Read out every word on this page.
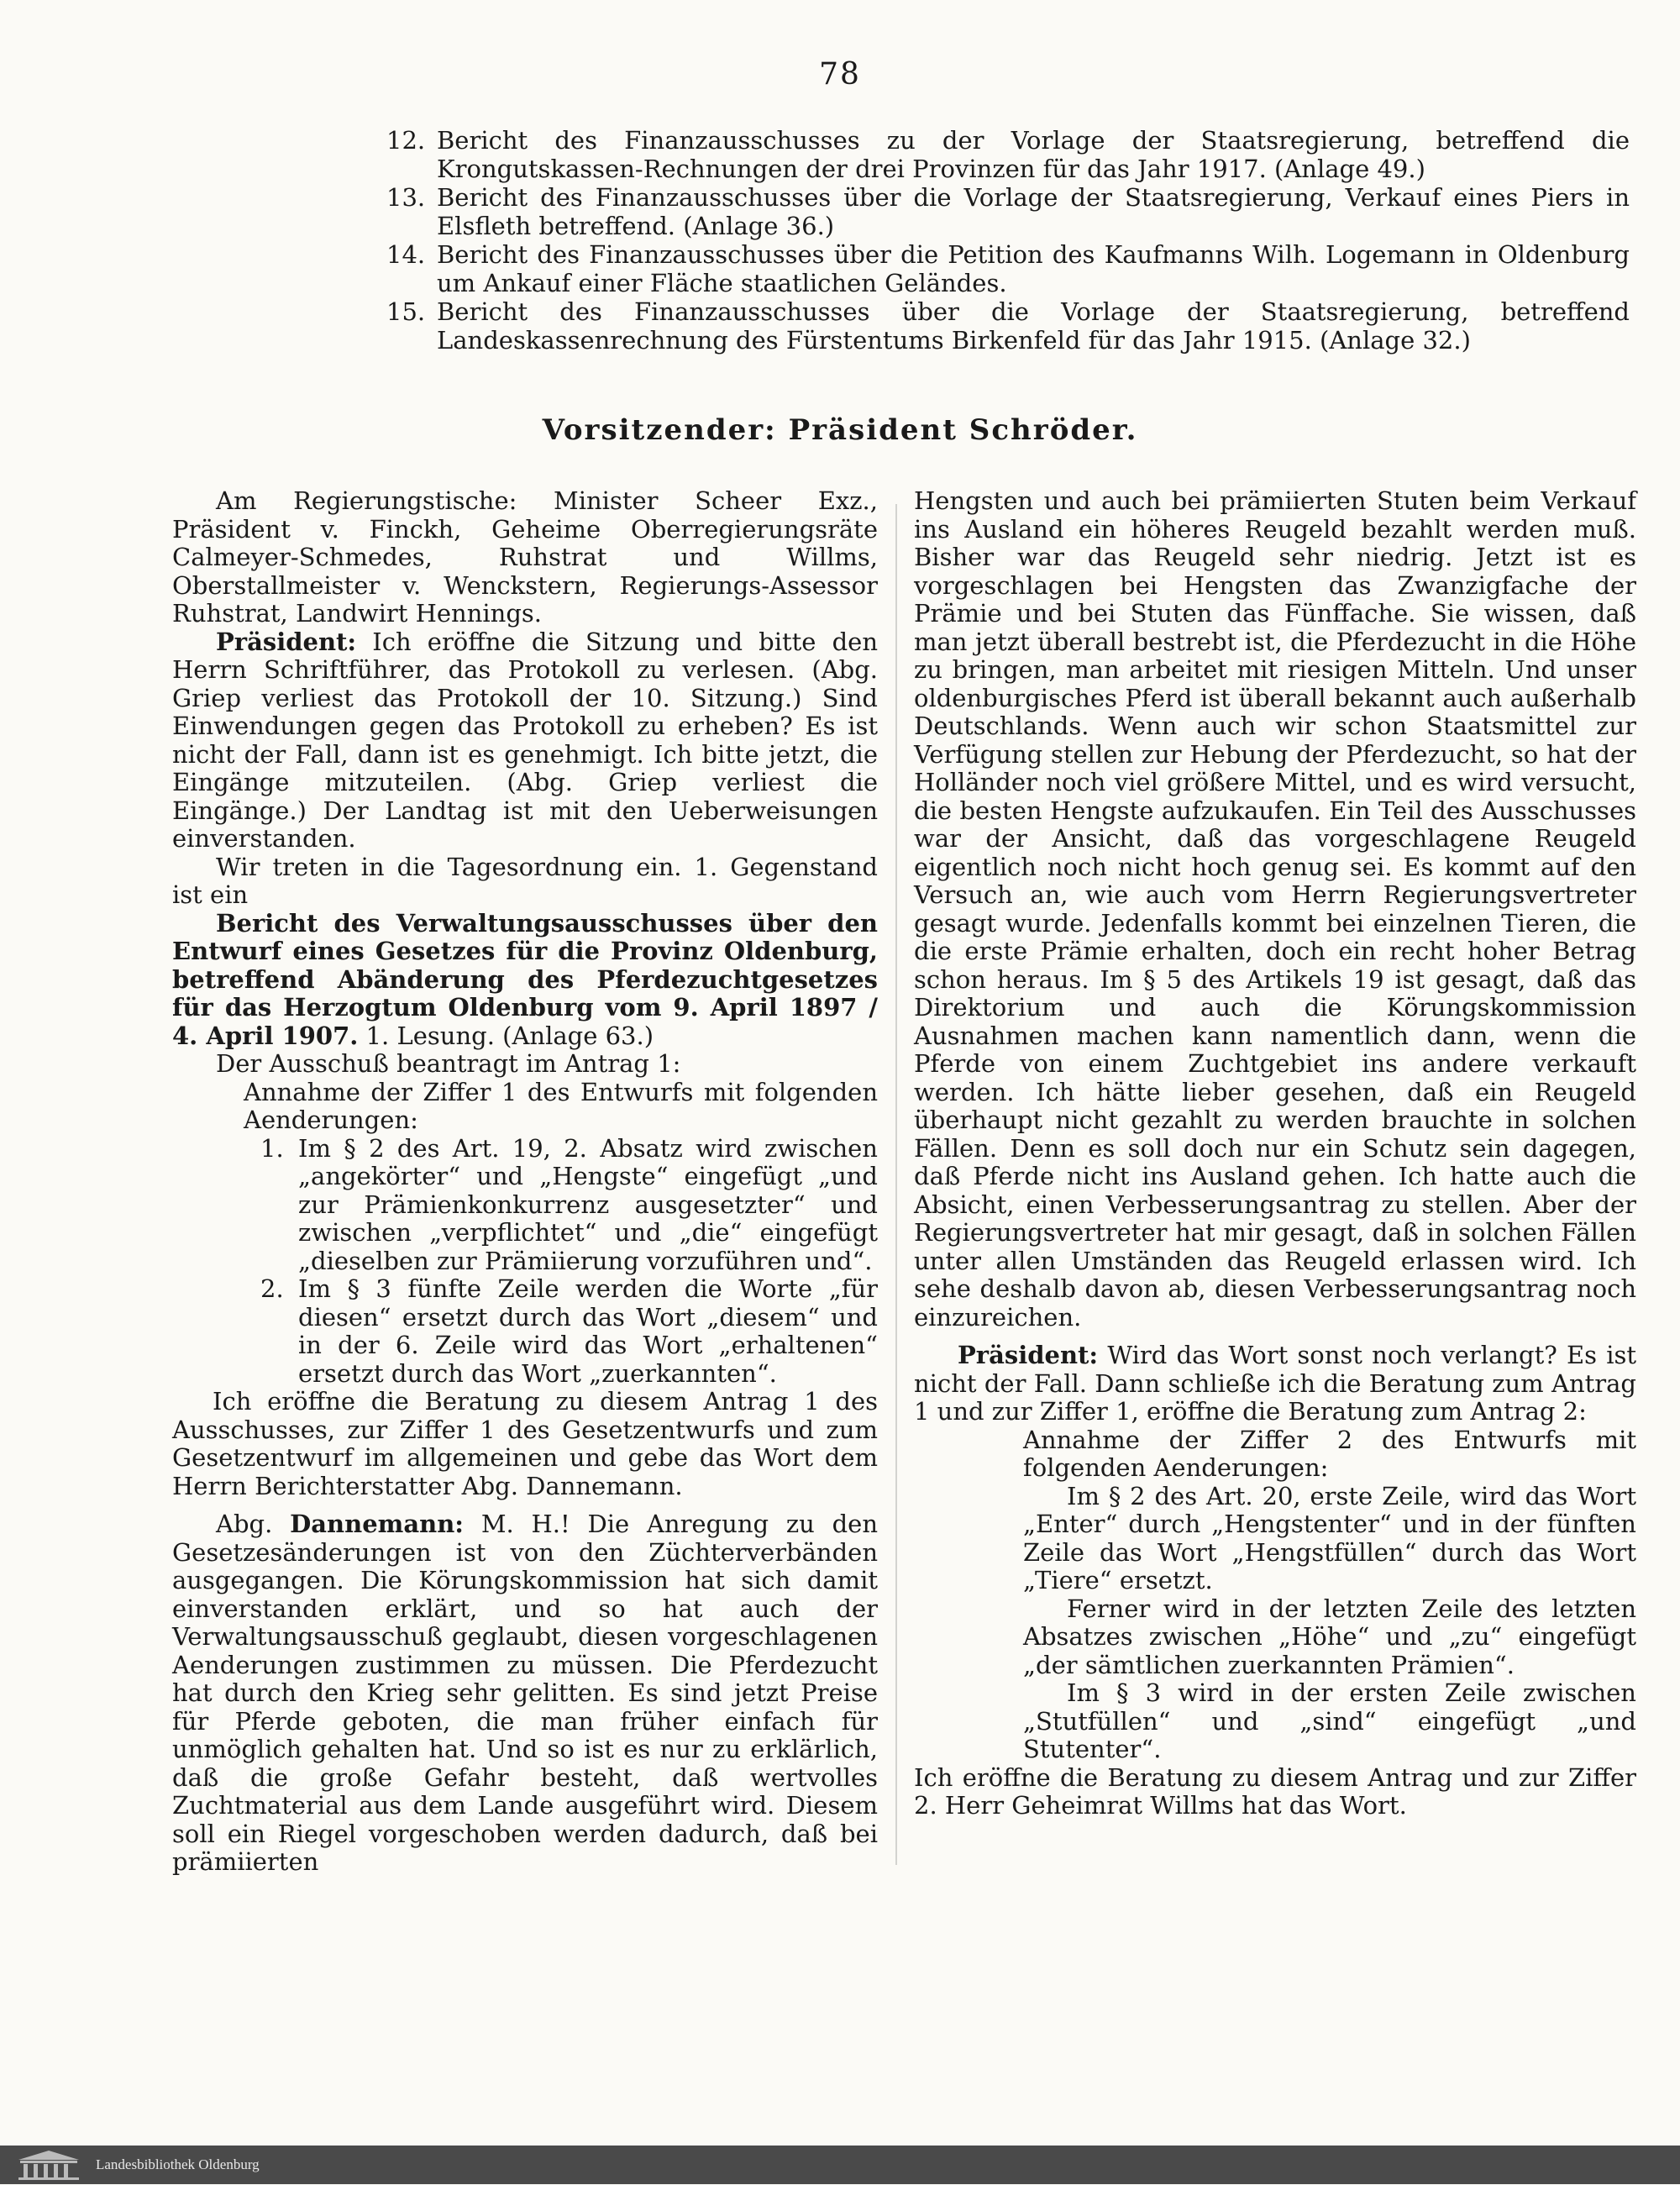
78
12. Bericht des Finanzausschusses zu der Vorlage der Staatsregierung, betreffend die Krongutskassen-Rechnungen der drei Provinzen für das Jahr 1917. (Anlage 49.)
13. Bericht des Finanzausschusses über die Vorlage der Staatsregierung, Verkauf eines Piers in Elsfleth betreffend. (Anlage 36.)
14. Bericht des Finanzausschusses über die Petition des Kaufmanns Wilh. Logemann in Oldenburg um Ankauf einer Fläche staatlichen Geländes.
15. Bericht des Finanzausschusses über die Vorlage der Staatsregierung, betreffend Landeskassenrechnung des Fürstentums Birkenfeld für das Jahr 1915. (Anlage 32.)
Vorsitzender: Präsident Schröder.

Am Regierungstische: Minister Scheer Exz., Präsident v. Finckh, Geheime Oberregierungsräte Calmeyer-Schmedes, Ruhstrat und Willms, Oberstallmeister v. Wenckstern, Regierungs-Assessor Ruhstrat, Landwirt Hennings.

Präsident: Ich eröffne die Sitzung und bitte den Herrn Schriftführer, das Protokoll zu verlesen. (Abg. Griep verliest das Protokoll der 10. Sitzung.) Sind Einwendungen gegen das Protokoll zu erheben? Es ist nicht der Fall, dann ist es genehmigt. Ich bitte jetzt, die Eingänge mitzuteilen. (Abg. Griep verliest die Eingänge.) Der Landtag ist mit den Ueberweisungen einverstanden.

Wir treten in die Tagesordnung ein. 1. Gegenstand ist ein

Bericht des Verwaltungsausschusses über den Entwurf eines Gesetzes für die Provinz Oldenburg, betreffend Abänderung des Pferdezuchtgesetzes für das Herzogtum Oldenburg vom 9. April 1897 / 4. April 1907. 1. Lesung. (Anlage 63.)

Der Ausschuß beantragt im Antrag 1:

Annahme der Ziffer 1 des Entwurfs mit folgenden Aenderungen:

1. Im § 2 des Art. 19, 2. Absatz wird zwischen „angekörter“ und „Hengste“ eingefügt „und zur Prämienkonkurrenz ausgesetzter“ und zwischen „verpflichtet“ und „die“ eingefügt „dieselben zur Prämiierung vorzuführen und“.
2. Im § 3 fünfte Zeile werden die Worte „für diesen“ ersetzt durch das Wort „diesem“ und in der 6. Zeile wird das Wort „erhaltenen“ ersetzt durch das Wort „zuerkannten“.

Ich eröffne die Beratung zu diesem Antrag 1 des Ausschusses, zur Ziffer 1 des Gesetzentwurfs und zum Gesetzentwurf im allgemeinen und gebe das Wort dem Herrn Berichterstatter Abg. Dannemann.

Abg. Dannemann: M. H.! Die Anregung zu den Gesetzesänderungen ist von den Züchterverbänden ausgegangen. Die Körungskommission hat sich damit einverstanden erklärt, und so hat auch der Verwaltungsausschuß geglaubt, diesen vorgeschlagenen Aenderungen zustimmen zu müssen. Die Pferdezucht hat durch den Krieg sehr gelitten. Es sind jetzt Preise für Pferde geboten, die man früher einfach für unmöglich gehalten hat. Und so ist es nur zu erklärlich, daß die große Gefahr besteht, daß wertvolles Zuchtmaterial aus dem Lande ausgeführt wird. Diesem soll ein Riegel vorgeschoben werden dadurch, daß bei prämiierten

Hengsten und auch bei prämiierten Stuten beim Verkauf ins Ausland ein höheres Reugeld bezahlt werden muß. Bisher war das Reugeld sehr niedrig. Jetzt ist es vorgeschlagen bei Hengsten das Zwanzigfache der Prämie und bei Stuten das Fünffache. Sie wissen, daß man jetzt überall bestrebt ist, die Pferdezucht in die Höhe zu bringen, man arbeitet mit riesigen Mitteln. Und unser oldenburgisches Pferd ist überall bekannt auch außerhalb Deutschlands. Wenn auch wir schon Staatsmittel zur Verfügung stellen zur Hebung der Pferdezucht, so hat der Holländer noch viel größere Mittel, und es wird versucht, die besten Hengste aufzukaufen. Ein Teil des Ausschusses war der Ansicht, daß das vorgeschlagene Reugeld eigentlich noch nicht hoch genug sei. Es kommt auf den Versuch an, wie auch vom Herrn Regierungsvertreter gesagt wurde. Jedenfalls kommt bei einzelnen Tieren, die die erste Prämie erhalten, doch ein recht hoher Betrag schon heraus. Im § 5 des Artikels 19 ist gesagt, daß das Direktorium und auch die Körungskommission Ausnahmen machen kann namentlich dann, wenn die Pferde von einem Zuchtgebiet ins andere verkauft werden. Ich hätte lieber gesehen, daß ein Reugeld überhaupt nicht gezahlt zu werden brauchte in solchen Fällen. Denn es soll doch nur ein Schutz sein dagegen, daß Pferde nicht ins Ausland gehen. Ich hatte auch die Absicht, einen Verbesserungsantrag zu stellen. Aber der Regierungsvertreter hat mir gesagt, daß in solchen Fällen unter allen Umständen das Reugeld erlassen wird. Ich sehe deshalb davon ab, diesen Verbesserungsantrag noch einzureichen.

Präsident: Wird das Wort sonst noch verlangt? Es ist nicht der Fall. Dann schließe ich die Beratung zum Antrag 1 und zur Ziffer 1, eröffne die Beratung zum Antrag 2:

Annahme der Ziffer 2 des Entwurfs mit folgenden Aenderungen:

Im § 2 des Art. 20, erste Zeile, wird das Wort „Enter“ durch „Hengstenter“ und in der fünften Zeile das Wort „Hengstfüllen“ durch das Wort „Tiere“ ersetzt.

Ferner wird in der letzten Zeile des letzten Absatzes zwischen „Höhe“ und „zu“ eingefügt „der sämtlichen zuerkannten Prämien“.

Im § 3 wird in der ersten Zeile zwischen „Stutfüllen“ und „sind“ eingefügt „und Stutenter“.

Ich eröffne die Beratung zu diesem Antrag und zur Ziffer 2. Herr Geheimrat Willms hat das Wort.

Landesbibliothek Oldenburg
